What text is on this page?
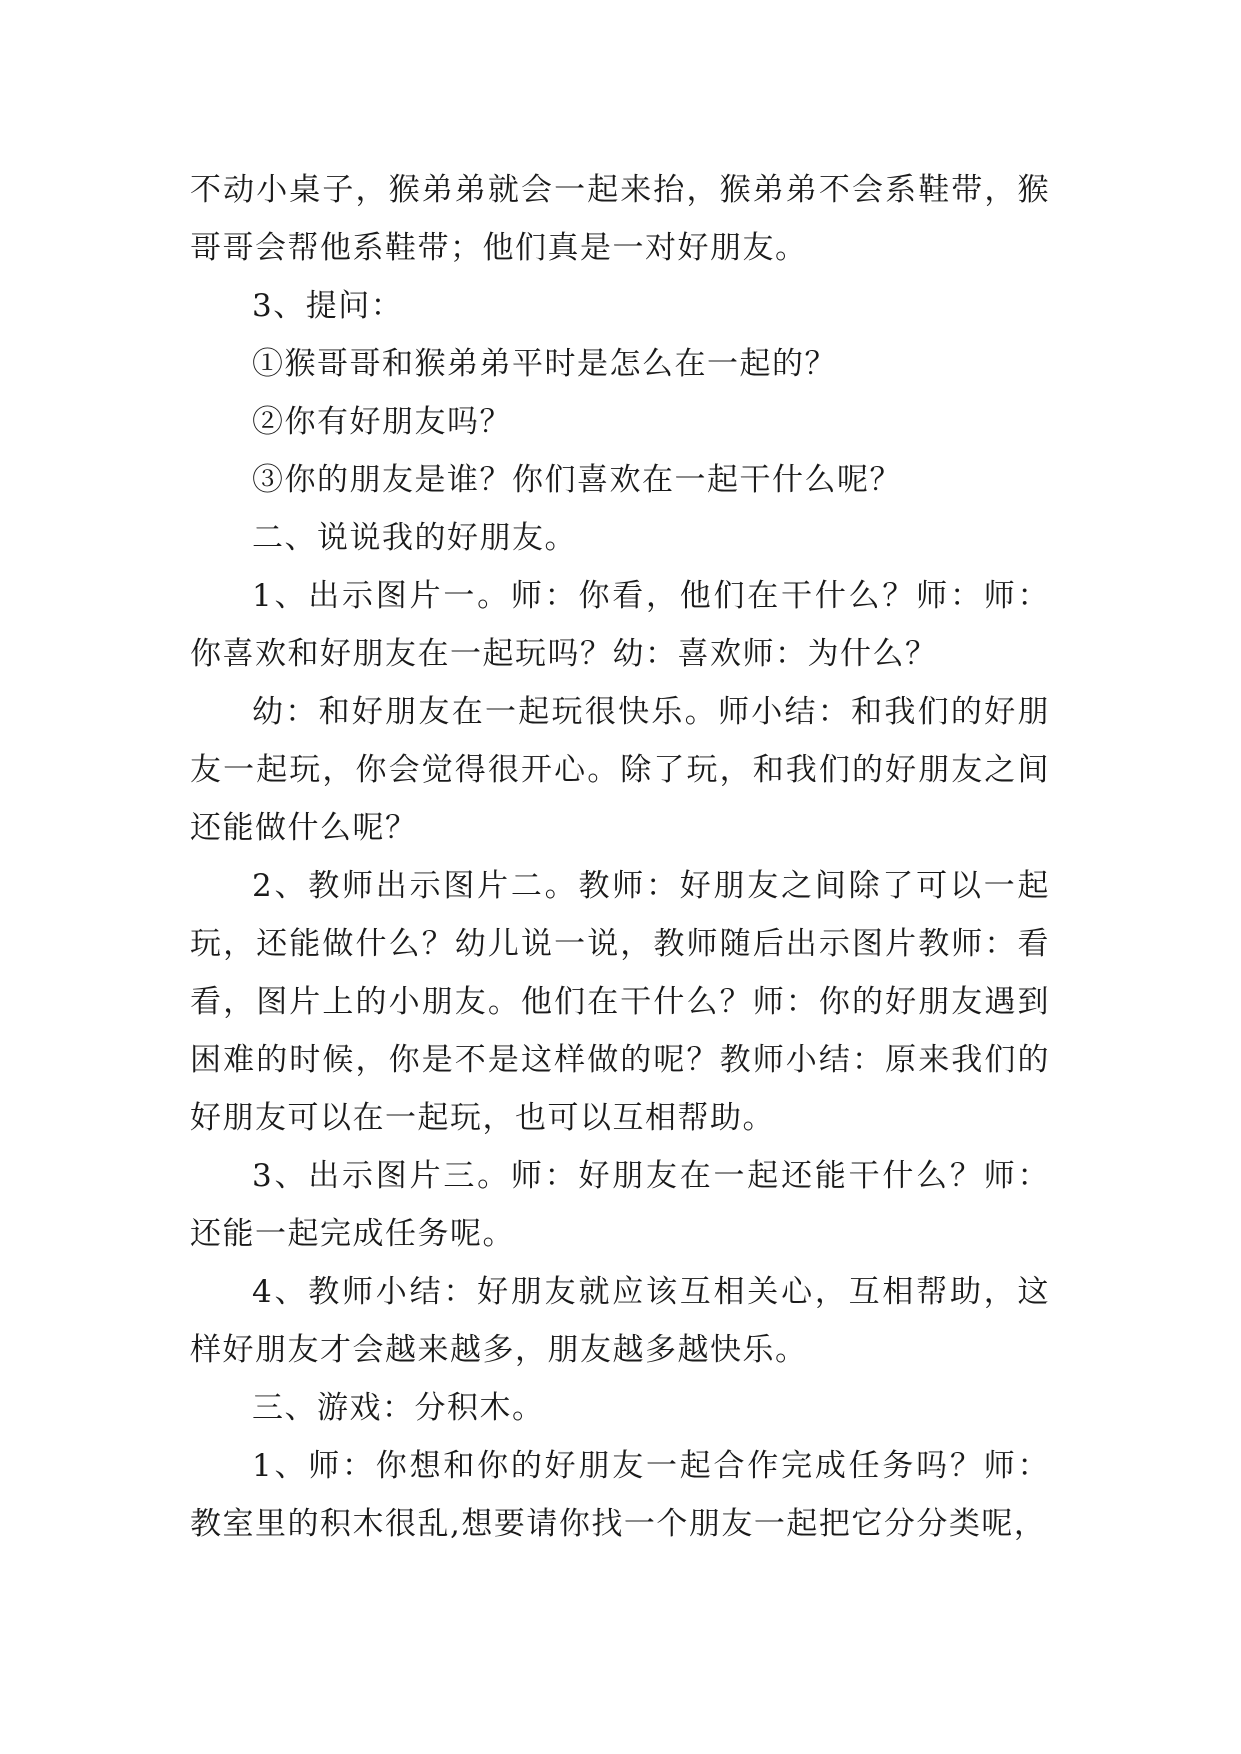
不动小桌子，猴弟弟就会一起来抬，猴弟弟不会系鞋带，猴哥哥会帮他系鞋带；他们真是一对好朋友。

3、提问：

①猴哥哥和猴弟弟平时是怎么在一起的？

②你有好朋友吗？

③你的朋友是谁？你们喜欢在一起干什么呢？

二、说说我的好朋友。

1、出示图片一。师：你看，他们在干什么？师：师：你喜欢和好朋友在一起玩吗？幼：喜欢师：为什么？

幼：和好朋友在一起玩很快乐。师小结：和我们的好朋友一起玩，你会觉得很开心。除了玩，和我们的好朋友之间还能做什么呢？

2、教师出示图片二。教师：好朋友之间除了可以一起玩，还能做什么？幼儿说一说，教师随后出示图片教师：看看，图片上的小朋友。他们在干什么？师：你的好朋友遇到困难的时候，你是不是这样做的呢？教师小结：原来我们的好朋友可以在一起玩，也可以互相帮助。

3、出示图片三。师：好朋友在一起还能干什么？师：还能一起完成任务呢。

4、教师小结：好朋友就应该互相关心，互相帮助，这样好朋友才会越来越多，朋友越多越快乐。

三、游戏：分积木。

1、师：你想和你的好朋友一起合作完成任务吗？师：教室里的积木很乱,想要请你找一个朋友一起把它分分类呢，
